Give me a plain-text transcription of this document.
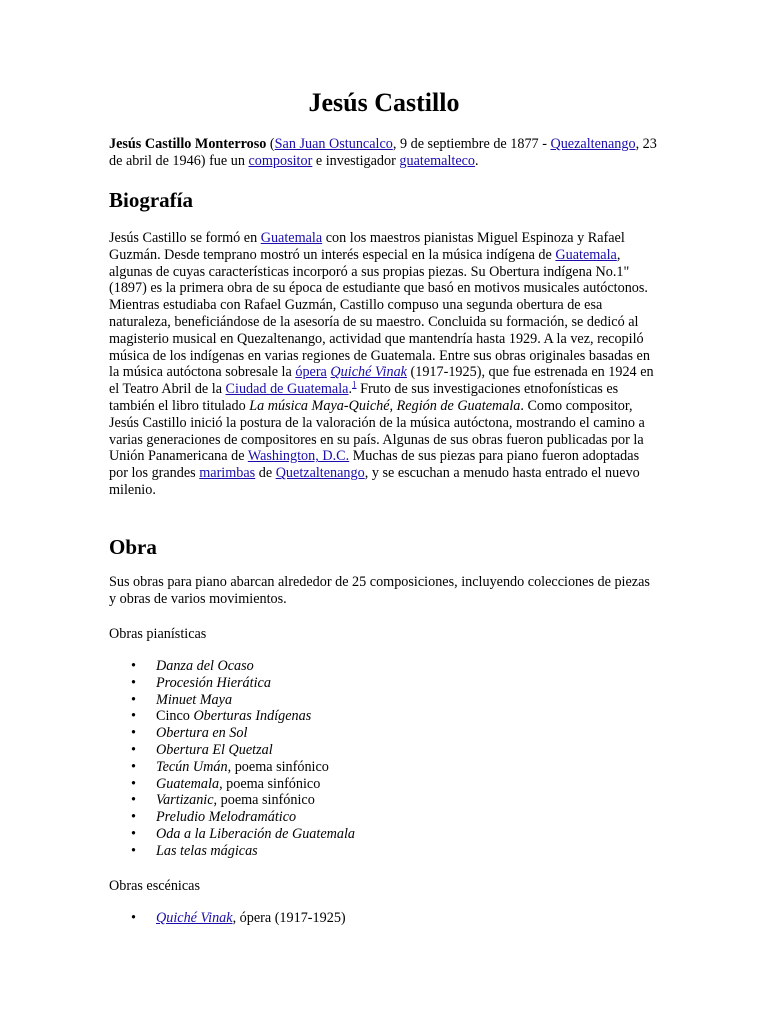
Jesús Castillo

Jesús Castillo Monterroso (San Juan Ostuncalco, 9 de septiembre de 1877 - Quezaltenango, 23 de abril de 1946) fue un compositor e investigador guatemalteco.

Biografía

Jesús Castillo se formó en Guatemala con los maestros pianistas Miguel Espinoza y Rafael Guzmán. Desde temprano mostró un interés especial en la música indígena de Guatemala, algunas de cuyas características incorporó a sus propias piezas. Su Obertura indígena No.1" (1897) es la primera obra de su época de estudiante que basó en motivos musicales autóctonos. Mientras estudiaba con Rafael Guzmán, Castillo compuso una segunda obertura de esa naturaleza, beneficiándose de la asesoría de su maestro. Concluida su formación, se dedicó al magisterio musical en Quezaltenango, actividad que mantendría hasta 1929. A la vez, recopiló música de los indígenas en varias regiones de Guatemala. Entre sus obras originales basadas en la música autóctona sobresale la ópera Quiché Vinak (1917-1925), que fue estrenada en 1924 en el Teatro Abril de la Ciudad de Guatemala.$^1$ Fruto de sus investigaciones etnofonísticas es también el libro titulado La música Maya-Quiché, Región de Guatemala. Como compositor, Jesús Castillo inició la postura de la valoración de la música autóctona, mostrando el camino a varias generaciones de compositores en su país. Algunas de sus obras fueron publicadas por la Unión Panamericana de Washington, D.C. Muchas de sus piezas para piano fueron adoptadas por los grandes marimbas de Quetzaltenango, y se escuchan a menudo hasta entrado el nuevo milenio.

Obra

Sus obras para piano abarcan alrededor de 25 composiciones, incluyendo colecciones de piezas y obras de varios movimientos.

Obras pianísticas

• Danza del Ocaso
• Procesión Hierática
• Minuet Maya
• Cinco Oberturas Indígenas
• Obertura en Sol
• Obertura El Quetzal
• Tecún Umán, poema sinfónico
• Guatemala, poema sinfónico
• Vartizanic, poema sinfónico
• Preludio Melodramático
• Oda a la Liberación de Guatemala
• Las telas mágicas

Obras escénicas

• Quiché Vinak, ópera (1917-1925)
